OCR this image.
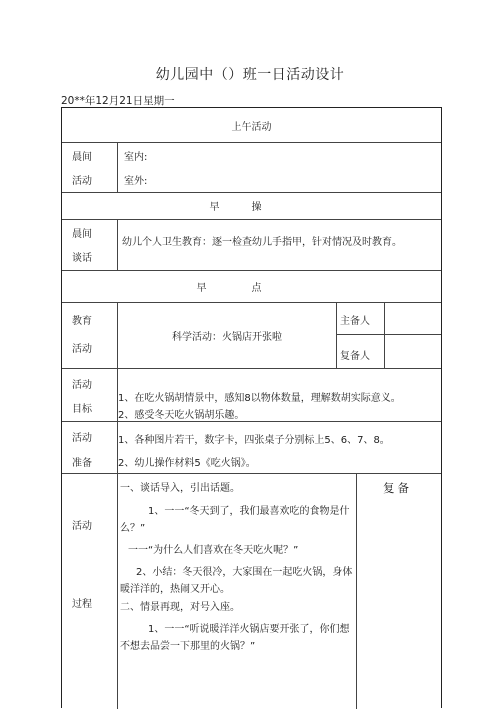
幼儿园中（）班一日活动设计
20**年12月21日星期一
上午活动
晨间
活动
室内:
室外:
早操
晨间
谈话
幼儿个人卫生教育：逐一检查幼儿手指甲，针对情况及时教育。
早点
教育
活动
科学活动：火锅店开张啦
主备人
复备人
活动
目标
1、在吃火锅胡情景中，感知8以物体数量，理解数胡实际意义。
2、感受冬天吃火锅胡乐趣。
活动
准备
1、各种图片若干，数字卡，四张桌子分别标上5、6、7、8。
2、幼儿操作材料5《吃火锅》。
活动
过程
一、谈话导入，引出话题。
1、一一“冬天到了，我们最喜欢吃的食物是什
么？”
一一“为什么人们喜欢在冬天吃火呢？”
2、小结：冬天很冷，大家围在一起吃火锅，身体
暖洋洋的，热闹又开心。
二、情景再现，对号入座。
1、一一“听说暖洋洋火锅店要开张了，你们想
不想去品尝一下那里的火锅？”
复备
